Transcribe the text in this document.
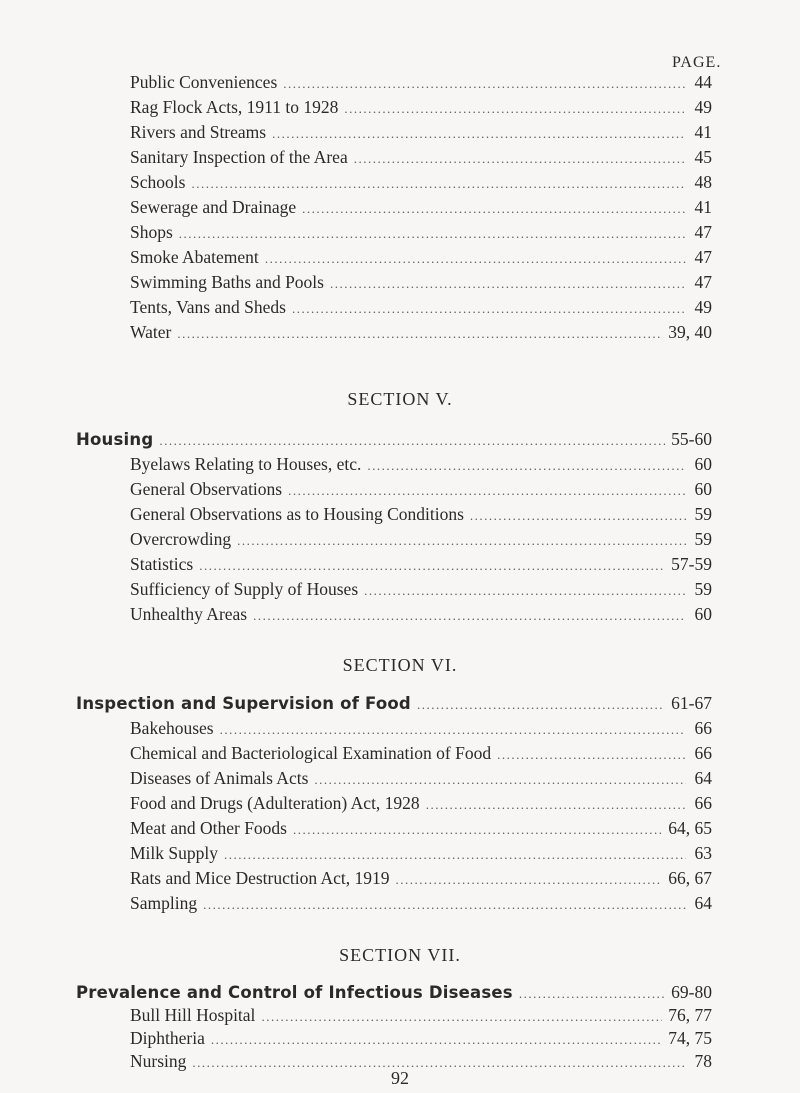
PAGE.
Public Conveniences .....	44
Rag Flock Acts, 1911 to 1928 .....	49
Rivers and Streams .....	41
Sanitary Inspection of the Area .....	45
Schools .....	48
Sewerage and Drainage .....	41
Shops .....	47
Smoke Abatement .....	47
Swimming Baths and Pools .....	47
Tents, Vans and Sheds .....	49
Water .....	39, 40
SECTION V.
Housing .....	55-60
Byelaws Relating to Houses, etc. .....	60
General Observations .....	60
General Observations as to Housing Conditions .....	59
Overcrowding .....	59
Statistics .....	57-59
Sufficiency of Supply of Houses .....	59
Unhealthy Areas .....	60
SECTION VI.
Inspection and Supervision of Food .....	61-67
Bakehouses .....	66
Chemical and Bacteriological Examination of Food .....	66
Diseases of Animals Acts .....	64
Food and Drugs (Adulteration) Act, 1928 .....	66
Meat and Other Foods .....	64, 65
Milk Supply .....	63
Rats and Mice Destruction Act, 1919 .....	66, 67
Sampling .....	64
SECTION VII.
Prevalence and Control of Infectious Diseases .....	69-80
Bull Hill Hospital .....	76, 77
Diphtheria .....	74, 75
Nursing .....	78
92
